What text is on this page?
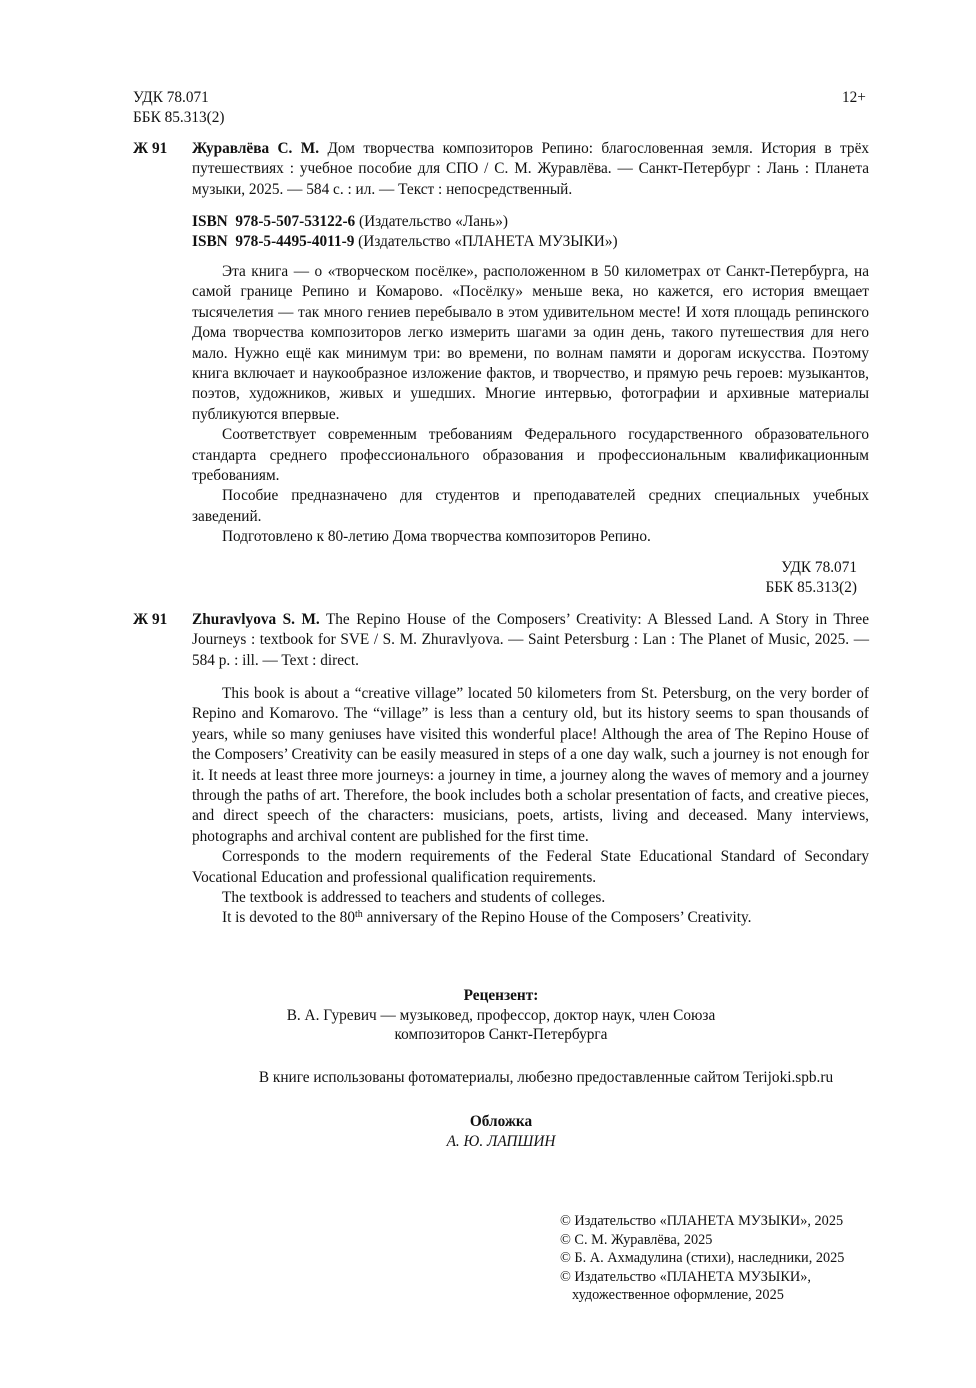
УДК 78.071
ББК 85.313(2)
12+
Ж 91 Журавлёва С. М. Дом творчества композиторов Репино: благословенная земля. История в трёх путешествиях : учебное пособие для СПО / С. М. Журавлёва. — Санкт-Петербург : Лань : Планета музыки, 2025. — 584 с. : ил. — Текст : непосредственный.
ISBN 978-5-507-53122-6 (Издательство «Лань»)
ISBN 978-5-4495-4011-9 (Издательство «ПЛАНЕТА МУЗЫКИ»)

Эта книга — о «творческом посёлке», расположенном в 50 километрах от Санкт-Петербурга, на самой границе Репино и Комарово. «Посёлку» меньше века, но кажется, его история вмещает тысячелетия — так много гениев перебывало в этом удивительном месте! И хотя площадь репинского Дома творчества композиторов легко измерить шагами за один день, такого путешествия для него мало. Нужно ещё как минимум три: во времени, по волнам памяти и дорогам искусства. Поэтому книга включает и наукообразное изложение фактов, и творчество, и прямую речь героев: музыкантов, поэтов, художников, живых и ушедших. Многие интервью, фотографии и архивные материалы публикуются впервые.

Соответствует современным требованиям Федерального государственного образовательного стандарта среднего профессионального образования и профессиональным квалификационным требованиям.

Пособие предназначено для студентов и преподавателей средних специальных учебных заведений.

Подготовлено к 80-летию Дома творчества композиторов Репино.

УДК 78.071
ББК 85.313(2)
Ж 91 Zhuravlyova S. M. The Repino House of the Composers’ Creativity: A Blessed Land. A Story in Three Journeys : textbook for SVE / S. M. Zhuravlyova. — Saint Petersburg : Lan : The Planet of Music, 2025. — 584 p. : ill. — Text : direct.

This book is about a “creative village” located 50 kilometers from St. Petersburg, on the very border of Repino and Komarovo. The “village” is less than a century old, but its history seems to span thousands of years, while so many geniuses have visited this wonderful place! Although the area of The Repino House of the Composers’ Creativity can be easily measured in steps of a one day walk, such a journey is not enough for it. It needs at least three more journeys: a journey in time, a journey along the waves of memory and a journey through the paths of art. Therefore, the book includes both a scholar presentation of facts, and creative pieces, and direct speech of the characters: musicians, poets, artists, living and deceased. Many interviews, photographs and archival content are published for the first time.

Corresponds to the modern requirements of the Federal State Educational Standard of Secondary Vocational Education and professional qualification requirements.

The textbook is addressed to teachers and students of colleges.

It is devoted to the 80th anniversary of the Repino House of the Composers’ Creativity.

Рецензент:
В. А. Гуревич — музыковед, профессор, доктор наук, член Союза
композиторов Санкт-Петербурга
В книге использованы фотоматериалы, любезно предоставленные сайтом Terijoki.spb.ru
Обложка
А. Ю. ЛАПШИН
© Издательство «ПЛАНЕТА МУЗЫКИ», 2025
© С. М. Журавлёва, 2025
© Б. А. Ахмадулина (стихи), наследники, 2025
© Издательство «ПЛАНЕТА МУЗЫКИ»,
художественное оформление, 2025
